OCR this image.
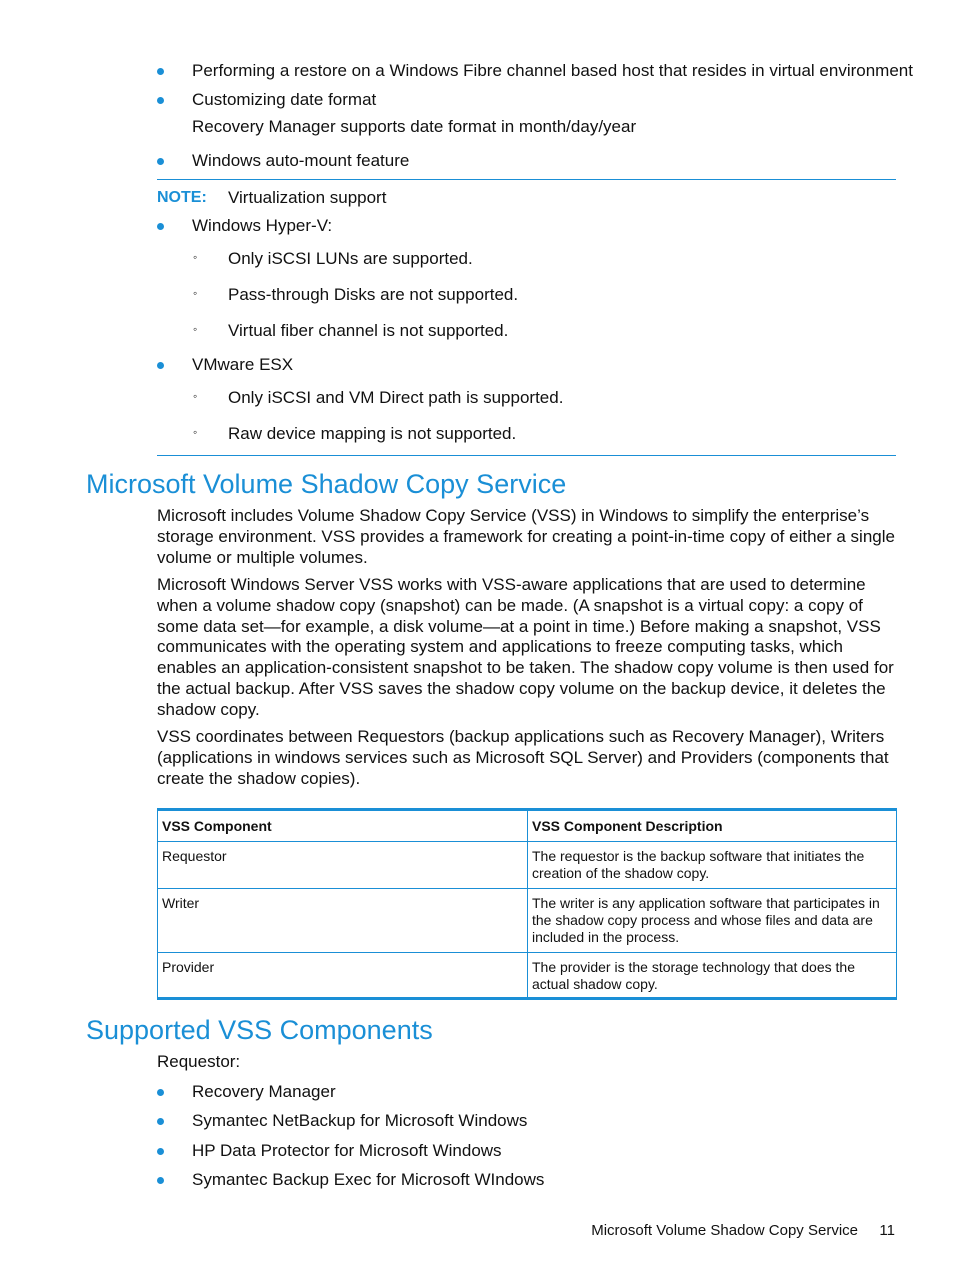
Performing a restore on a Windows Fibre channel based host that resides in virtual environment
Customizing date format
Recovery Manager supports date format in month/day/year
Windows auto-mount feature
NOTE: Virtualization support
Windows Hyper-V:
◦ Only iSCSI LUNs are supported.
◦ Pass-through Disks are not supported.
◦ Virtual fiber channel is not supported.
VMware ESX
◦ Only iSCSI and VM Direct path is supported.
◦ Raw device mapping is not supported.
Microsoft Volume Shadow Copy Service
Microsoft includes Volume Shadow Copy Service (VSS) in Windows to simplify the enterprise’s storage environment. VSS provides a framework for creating a point-in-time copy of either a single volume or multiple volumes.
Microsoft Windows Server VSS works with VSS-aware applications that are used to determine when a volume shadow copy (snapshot) can be made. (A snapshot is a virtual copy: a copy of some data set—for example, a disk volume—at a point in time.) Before making a snapshot, VSS communicates with the operating system and applications to freeze computing tasks, which enables an application-consistent snapshot to be taken. The shadow copy volume is then used for the actual backup. After VSS saves the shadow copy volume on the backup device, it deletes the shadow copy.
VSS coordinates between Requestors (backup applications such as Recovery Manager), Writers (applications in windows services such as Microsoft SQL Server) and Providers (components that create the shadow copies).
VSS Component	VSS Component Description
Requestor	The requestor is the backup software that initiates the creation of the shadow copy.
Writer	The writer is any application software that participates in the shadow copy process and whose files and data are included in the process.
Provider	The provider is the storage technology that does the actual shadow copy.
Supported VSS Components
Requestor:
Recovery Manager
Symantec NetBackup for Microsoft Windows
HP Data Protector for Microsoft Windows
Symantec Backup Exec for Microsoft WIndows
Microsoft Volume Shadow Copy Service 11
